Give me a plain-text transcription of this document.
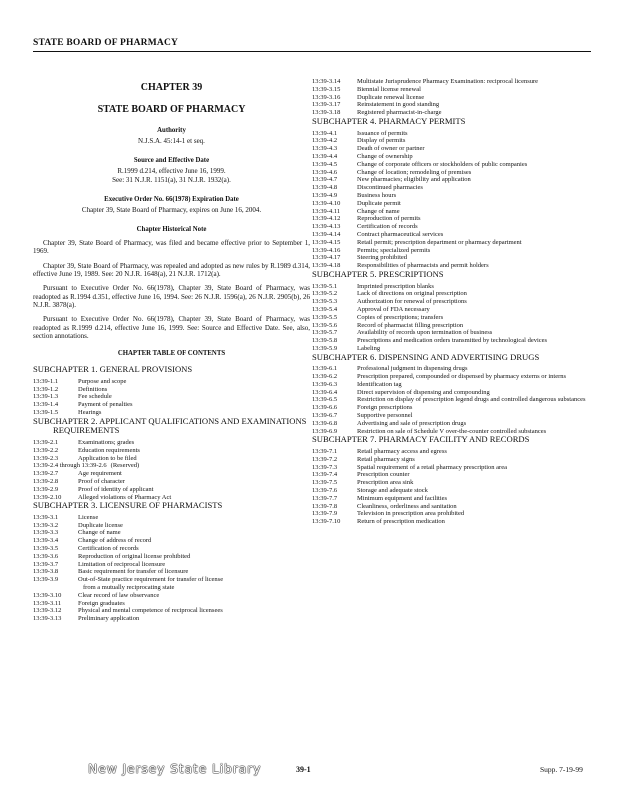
STATE BOARD OF PHARMACY
CHAPTER 39
STATE BOARD OF PHARMACY
Authority
N.J.S.A. 45:14-1 et seq.
Source and Effective Date
R.1999 d.214, effective June 16, 1999.
See: 31 N.J.R. 1151(a), 31 N.J.R. 1932(a).
Executive Order No. 66(1978) Expiration Date
Chapter 39, State Board of Pharmacy, expires on June 16, 2004.
Chapter Historical Note
Chapter 39, State Board of Pharmacy, was filed and became effective prior to September 1, 1969.
Chapter 39, State Board of Pharmacy, was repealed and adopted as new rules by R.1989 d.314, effective June 19, 1989. See: 20 N.J.R. 1648(a), 21 N.J.R. 1712(a).
Pursuant to Executive Order No. 66(1978), Chapter 39, State Board of Pharmacy, was readopted as R.1994 d.351, effective June 16, 1994. See: 26 N.J.R. 1596(a), 26 N.J.R. 2905(b), 26 N.J.R. 3878(a).
Pursuant to Executive Order No. 66(1978), Chapter 39, State Board of Pharmacy, was readopted as R.1999 d.214, effective June 16, 1999. See: Source and Effective Date. See, also, section annotations.
CHAPTER TABLE OF CONTENTS
SUBCHAPTER 1. GENERAL PROVISIONS
13:39-1.1	Purpose and scope
13:39-1.2	Definitions
13:39-1.3	Fee schedule
13:39-1.4	Payment of penalties
13:39-1.5	Hearings
SUBCHAPTER 2. APPLICANT QUALIFICATIONS AND EXAMINATIONS REQUIREMENTS
13:39-2.1	Examinations; grades
13:39-2.2	Education requirements
13:39-2.3	Application to be filed
13:39-2.4 through 13:39-2.6 (Reserved)
13:39-2.7	Age requirement
13:39-2.8	Proof of character
13:39-2.9	Proof of identity of applicant
13:39-2.10	Alleged violations of Pharmacy Act
SUBCHAPTER 3. LICENSURE OF PHARMACISTS
13:39-3.1	License
13:39-3.2	Duplicate license
13:39-3.3	Change of name
13:39-3.4	Change of address of record
13:39-3.5	Certification of records
13:39-3.6	Reproduction of original license prohibited
13:39-3.7	Limitation of reciprocal licensure
13:39-3.8	Basic requirement for transfer of licensure
13:39-3.9	Out-of-State practice requirement for transfer of license
from a mutually reciprocating state
13:39-3.10	Clear record of law observance
13:39-3.11	Foreign graduates
13:39-3.12	Physical and mental competence of reciprocal licensees
13:39-3.13	Preliminary application
13:39-3.14	Multistate Jurisprudence Pharmacy Examination: reciprocal licensure
13:39-3.15	Biennial license renewal
13:39-3.16	Duplicate renewal license
13:39-3.17	Reinstatement in good standing
13:39-3.18	Registered pharmacist-in-charge
SUBCHAPTER 4. PHARMACY PERMITS
13:39-4.1	Issuance of permits
13:39-4.2	Display of permits
13:39-4.3	Death of owner or partner
13:39-4.4	Change of ownership
13:39-4.5	Change of corporate officers or stockholders of public companies
13:39-4.6	Change of location; remodeling of premises
13:39-4.7	New pharmacies; eligibility and application
13:39-4.8	Discontinued pharmacies
13:39-4.9	Business hours
13:39-4.10	Duplicate permit
13:39-4.11	Change of name
13:39-4.12	Reproduction of permits
13:39-4.13	Certification of records
13:39-4.14	Contract pharmaceutical services
13:39-4.15	Retail permit; prescription department or pharmacy department
13:39-4.16	Permits; specialized permits
13:39-4.17	Steering prohibited
13:39-4.18	Responsibilities of pharmacists and permit holders
SUBCHAPTER 5. PRESCRIPTIONS
13:39-5.1	Imprinted prescription blanks
13:39-5.2	Lack of directions on original prescription
13:39-5.3	Authorization for renewal of prescriptions
13:39-5.4	Approval of FDA necessary
13:39-5.5	Copies of prescriptions; transfers
13:39-5.6	Record of pharmacist filling prescription
13:39-5.7	Availability of records upon termination of business
13:39-5.8	Prescriptions and medication orders transmitted by technological devices
13:39-5.9	Labeling
SUBCHAPTER 6. DISPENSING AND ADVERTISING DRUGS
13:39-6.1	Professional judgment in dispensing drugs
13:39-6.2	Prescription prepared, compounded or dispensed by pharmacy externs or interns
13:39-6.3	Identification tag
13:39-6.4	Direct supervision of dispensing and compounding
13:39-6.5	Restriction on display of prescription legend drugs and controlled dangerous substances
13:39-6.6	Foreign prescriptions
13:39-6.7	Supportive personnel
13:39-6.8	Advertising and sale of prescription drugs
13:39-6.9	Restriction on sale of Schedule V over-the-counter controlled substances
SUBCHAPTER 7. PHARMACY FACILITY AND RECORDS
13:39-7.1	Retail pharmacy access and egress
13:39-7.2	Retail pharmacy signs
13:39-7.3	Spatial requirement of a retail pharmacy prescription area
13:39-7.4	Prescription counter
13:39-7.5	Prescription area sink
13:39-7.6	Storage and adequate stock
13:39-7.7	Minimum equipment and facilities
13:39-7.8	Cleanliness, orderliness and sanitation
13:39-7.9	Television in prescription area prohibited
13:39-7.10	Return of prescription medication
New Jersey State Library	39-1	Supp. 7-19-99
